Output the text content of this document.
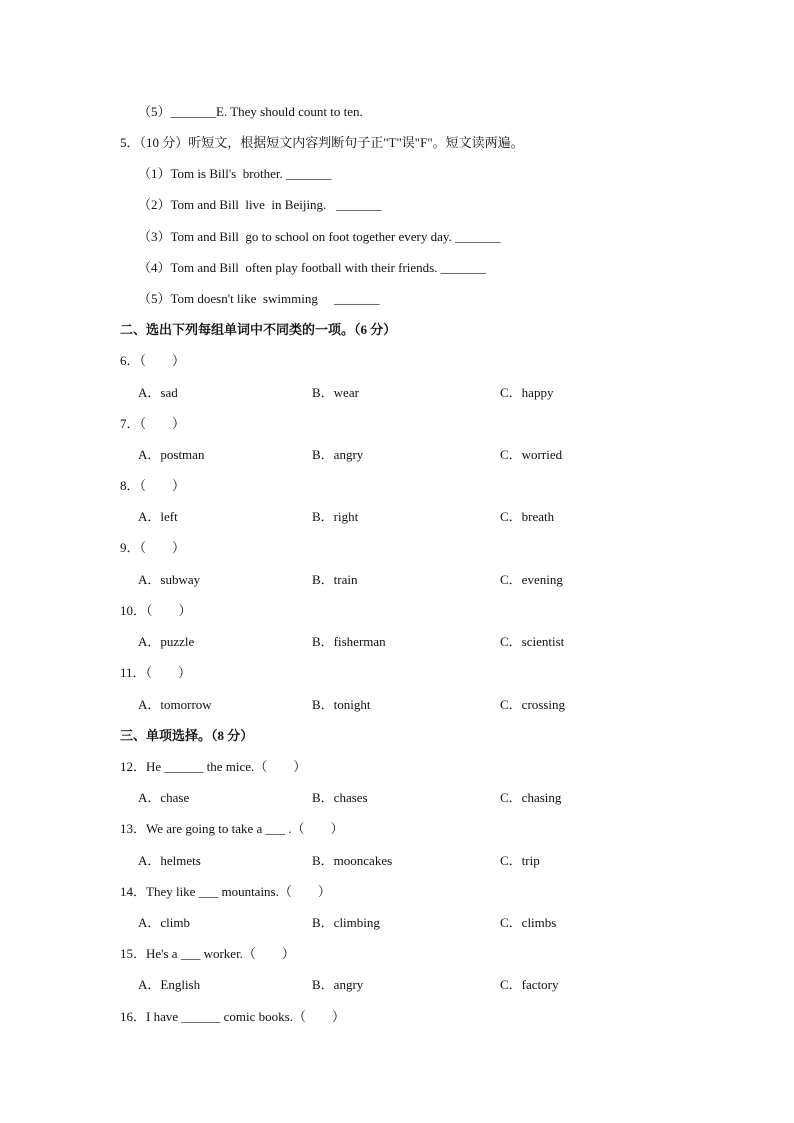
（5）_______E. They should count to ten.
5．（10 分）听短文，根据短文内容判断句子正"T"误"F"。短文读两遍。
（1）Tom is Bill's  brother. _______
（2）Tom and Bill  live  in Beijing.   _______
（3）Tom and Bill  go to school on foot together every day. _______
（4）Tom and Bill  often play football with their friends. _______
（5）Tom doesn't like  swimming     _______
二、选出下列每组单词中不同类的一项。（6 分）
6．（　　）
A．sad	B．wear	C．happy
7．（　　）
A．postman	B．angry	C．worried
8．（　　）
A．left	B．right	C．breath
9．（　　）
A．subway	B．train	C．evening
10．（　　）
A．puzzle	B．fisherman	C．scientist
11．（　　）
A．tomorrow	B．tonight	C．crossing
三、单项选择。（8 分）
12．He ______ the mice.（　　）
A．chase	B．chases	C．chasing
13．We are going to take a ___ .（　　）
A．helmets	B．mooncakes	C．trip
14．They like ___ mountains.（　　）
A．climb	B．climbing	C．climbs
15．He's a ___ worker.（　　）
A．English	B．angry	C．factory
16．I have ______ comic books.（　　）
